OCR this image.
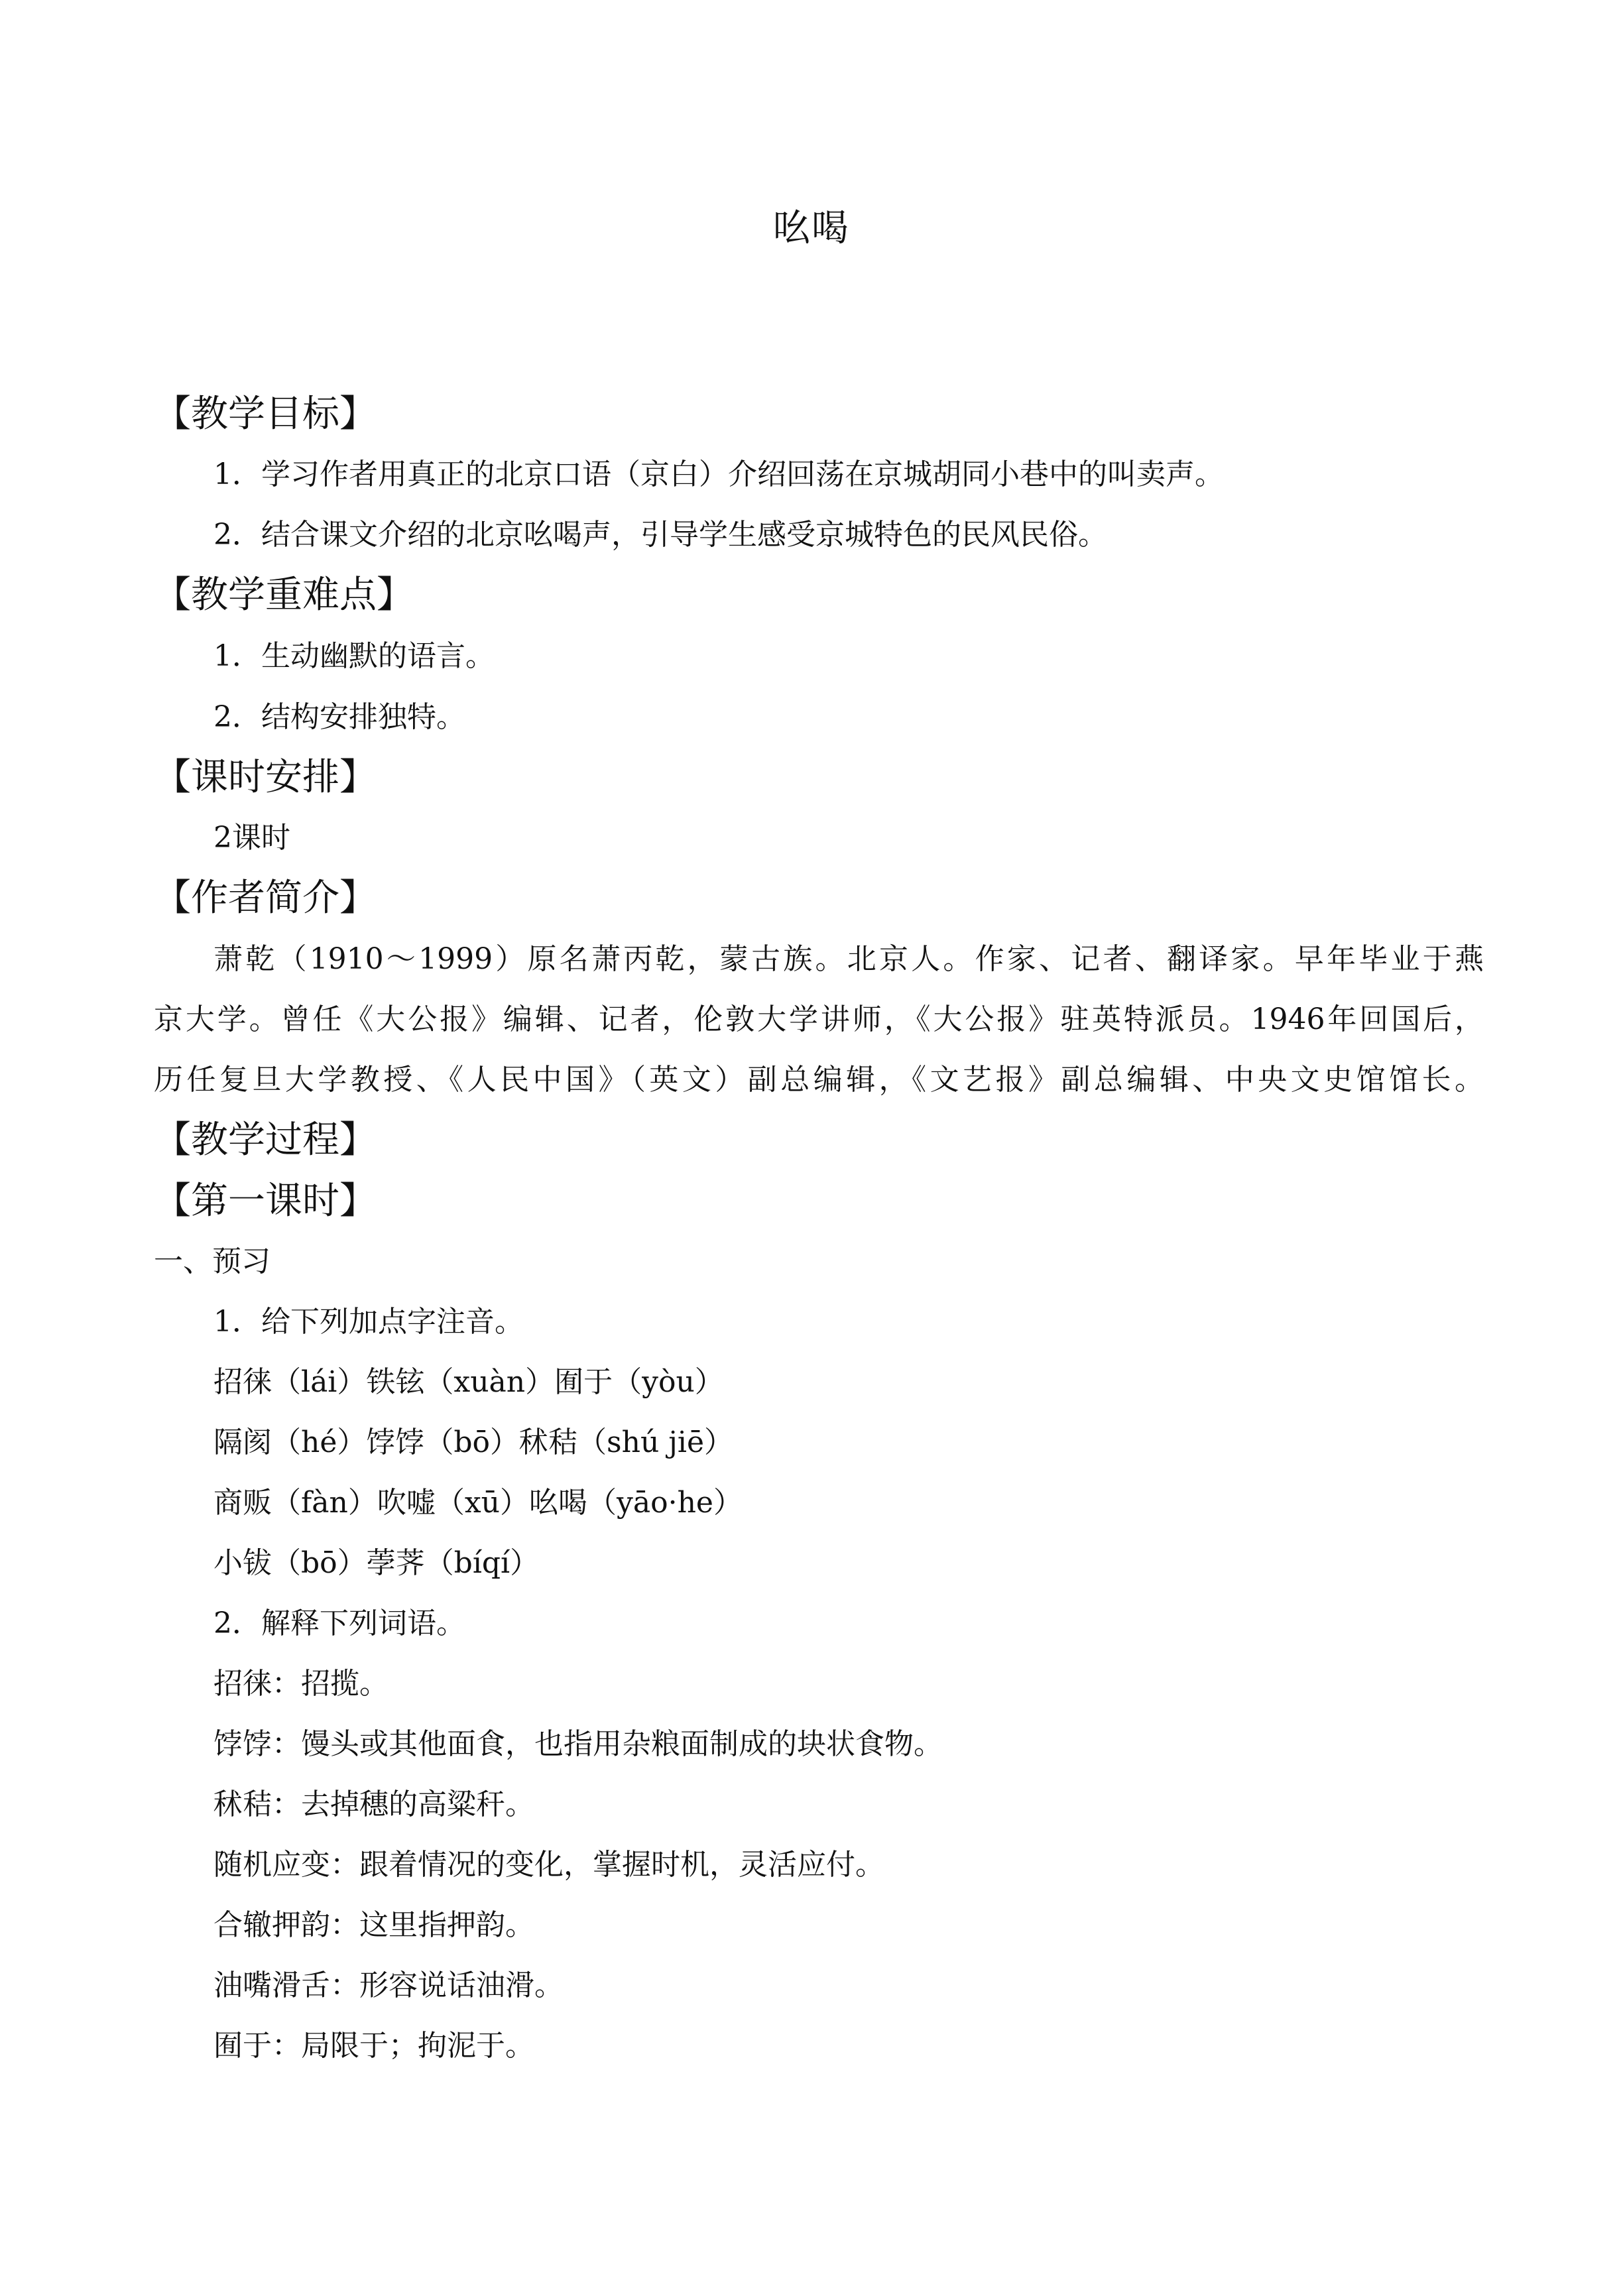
吆喝
【教学目标】
1．学习作者用真正的北京口语（京白）介绍回荡在京城胡同小巷中的叫卖声。
2．结合课文介绍的北京吆喝声，引导学生感受京城特色的民风民俗。
【教学重难点】
1．生动幽默的语言。
2．结构安排独特。
【课时安排】
2课时
【作者简介】
萧乾（1910～1999）原名萧丙乾，蒙古族。北京人。作家、记者、翻译家。早年毕业于燕
京大学。曾任《大公报》编辑、记者，伦敦大学讲师，《大公报》驻英特派员。1946年回国后，
历任复旦大学教授、《人民中国》（英文）副总编辑，《文艺报》副总编辑、中央文史馆馆长。
【教学过程】
【第一课时】
一、预习
1．给下列加点字注音。
招徕（lái）铁铉（xuàn）囿于（yòu）
隔阂（hé）饽饽（bō）秫秸（shú jiē）
商贩（fàn）吹嘘（xū）吆喝（yāo·he）
小钹（bō）荸荠（bíqí）
2．解释下列词语。
招徕：招揽。
饽饽：馒头或其他面食，也指用杂粮面制成的块状食物。
秫秸：去掉穗的高粱秆。
随机应变：跟着情况的变化，掌握时机，灵活应付。
合辙押韵：这里指押韵。
油嘴滑舌：形容说话油滑。
囿于：局限于；拘泥于。
